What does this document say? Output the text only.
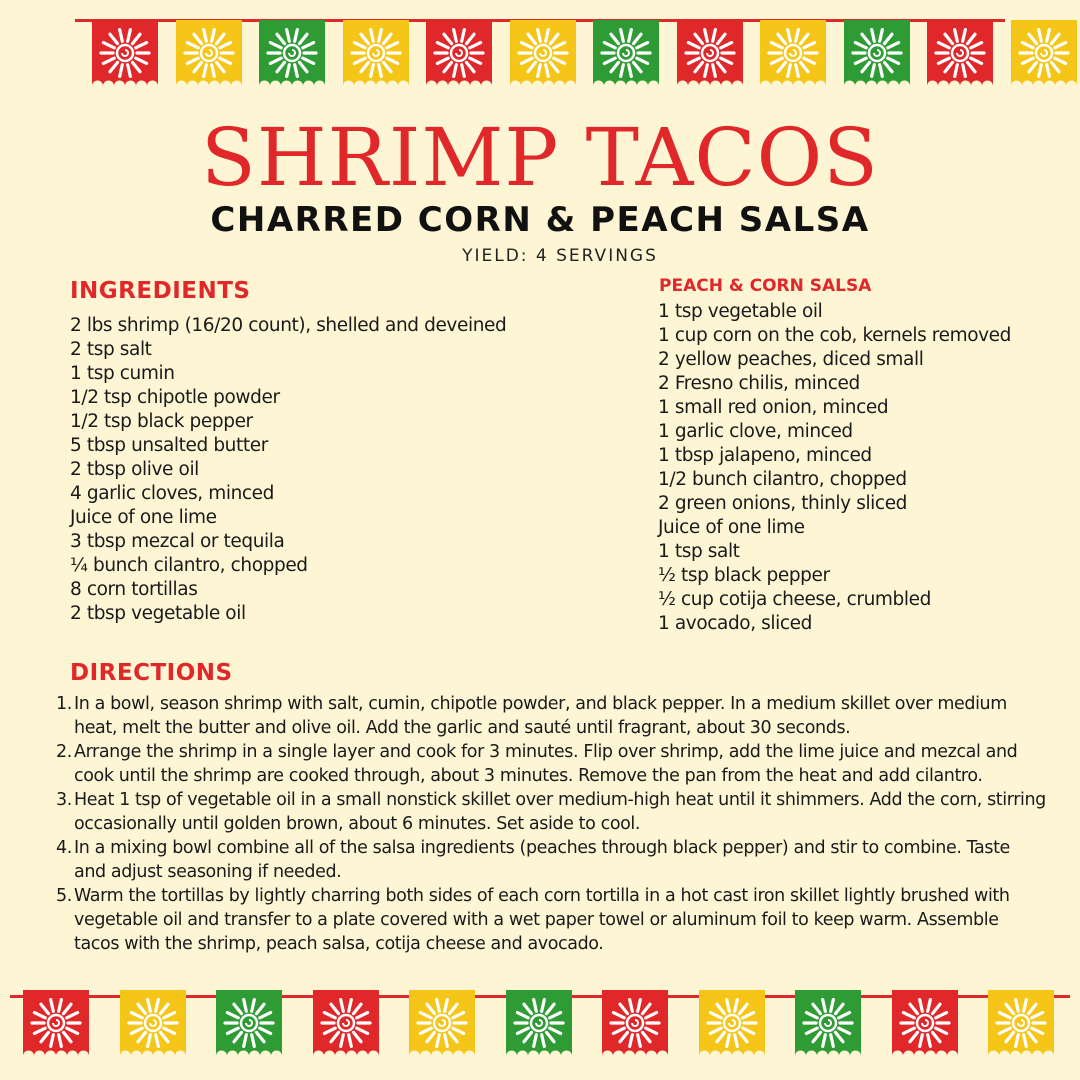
SHRIMP TACOS
CHARRED CORN & PEACH SALSA
YIELD: 4 SERVINGS
INGREDIENTS
2 lbs shrimp (16/20 count), shelled and deveined
2 tsp salt
1 tsp cumin
1/2 tsp chipotle powder
1/2 tsp black pepper
5 tbsp unsalted butter
2 tbsp olive oil
4 garlic cloves, minced
Juice of one lime
3 tbsp mezcal or tequila
¼ bunch cilantro, chopped
8 corn tortillas
2 tbsp vegetable oil
PEACH & CORN SALSA
1 tsp vegetable oil
1 cup corn on the cob, kernels removed
2 yellow peaches, diced small
2 Fresno chilis, minced
1 small red onion, minced
1 garlic clove, minced
1 tbsp jalapeno, minced
1/2 bunch cilantro, chopped
2 green onions, thinly sliced
Juice of one lime
1 tsp salt
½ tsp black pepper
½ cup cotija cheese, crumbled
1 avocado, sliced
DIRECTIONS
1. In a bowl, season shrimp with salt, cumin, chipotle powder, and black pepper. In a medium skillet over medium heat, melt the butter and olive oil. Add the garlic and sauté until fragrant, about 30 seconds.
2. Arrange the shrimp in a single layer and cook for 3 minutes. Flip over shrimp, add the lime juice and mezcal and cook until the shrimp are cooked through, about 3 minutes. Remove the pan from the heat and add cilantro.
3. Heat 1 tsp of vegetable oil in a small nonstick skillet over medium-high heat until it shimmers. Add the corn, stirring occasionally until golden brown, about 6 minutes. Set aside to cool.
4. In a mixing bowl combine all of the salsa ingredients (peaches through black pepper) and stir to combine. Taste and adjust seasoning if needed.
5. Warm the tortillas by lightly charring both sides of each corn tortilla in a hot cast iron skillet lightly brushed with vegetable oil and transfer to a plate covered with a wet paper towel or aluminum foil to keep warm. Assemble tacos with the shrimp, peach salsa, cotija cheese and avocado.
